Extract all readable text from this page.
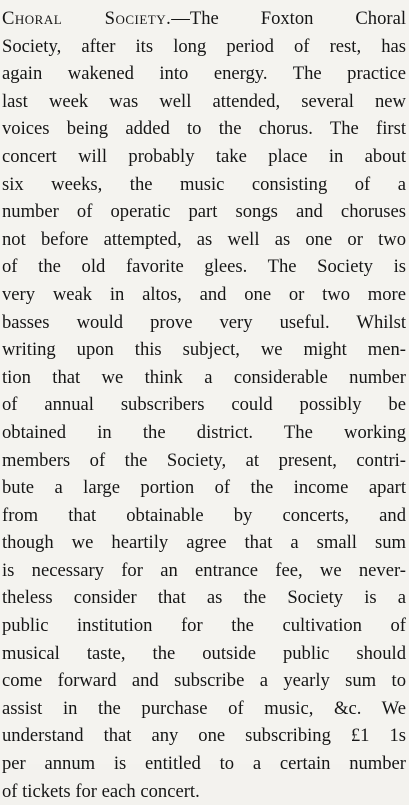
Choral Society.—The Foxton Choral
Society, after its long period of rest, has
again wakened into energy. The practice
last week was well attended, several new
voices being added to the chorus. The first
concert will probably take place in about
six weeks, the music consisting of a
number of operatic part songs and choruses
not before attempted, as well as one or two
of the old favorite glees. The Society is
very weak in altos, and one or two more
basses would prove very useful. Whilst
writing upon this subject, we might men-
tion that we think a considerable number
of annual subscribers could possibly be
obtained in the district. The working
members of the Society, at present, contri-
bute a large portion of the income apart
from that obtainable by concerts, and
though we heartily agree that a small sum
is necessary for an entrance fee, we never-
theless consider that as the Society is a
public institution for the cultivation of
musical taste, the outside public should
come forward and subscribe a yearly sum to
assist in the purchase of music, &c. We
understand that any one subscribing £1 1s
per annum is entitled to a certain number
of tickets for each concert.
